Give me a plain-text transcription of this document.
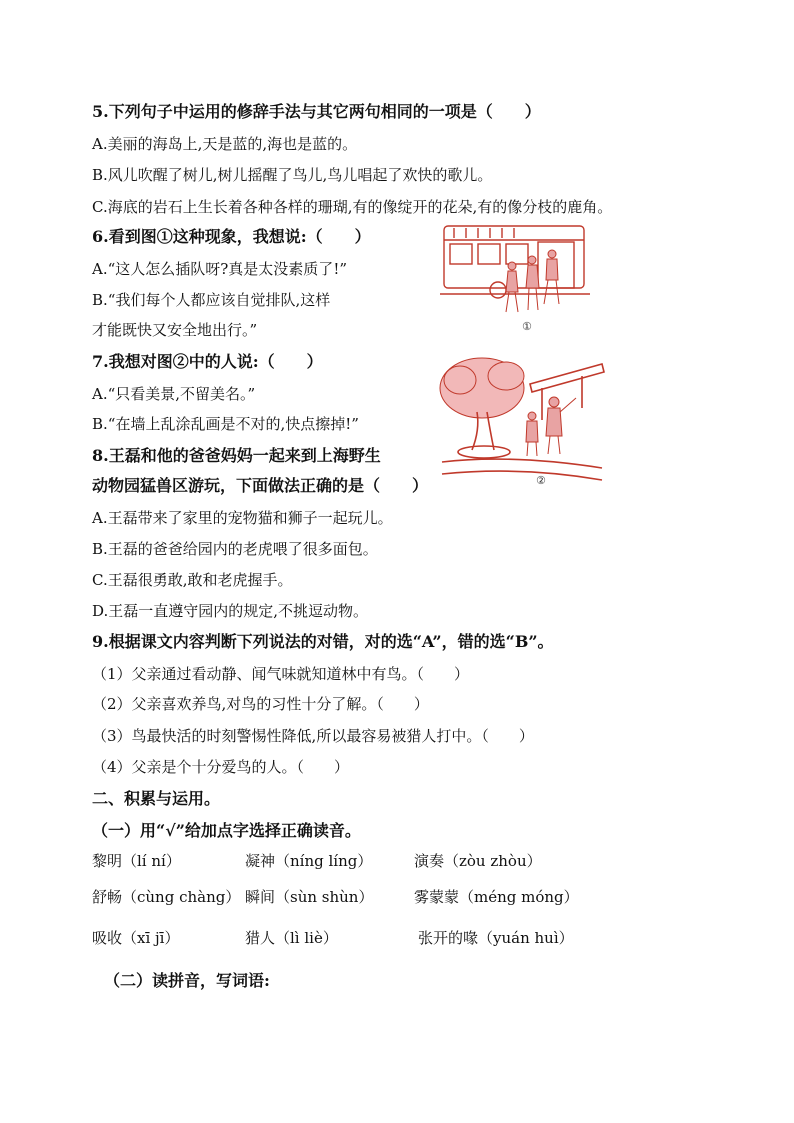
5.下列句子中运用的修辞手法与其它两句相同的一项是（　　）
A.美丽的海岛上,天是蓝的,海也是蓝的。
B.风儿吹醒了树儿,树儿摇醒了鸟儿,鸟儿唱起了欢快的歌儿。
C.海底的岩石上生长着各种各样的珊瑚,有的像绽开的花朵,有的像分枝的鹿角。
6.看到图①这种现象，我想说:（　　）
A.“这人怎么插队呀?真是太没素质了!”
B.“我们每个人都应该自觉排队,这样
才能既快又安全地出行。”	①
7.我想对图②中的人说:（　　）
A.“只看美景,不留美名。”
B.“在墙上乱涂乱画是不对的,快点擦掉!”
②
8.王磊和他的爸爸妈妈一起来到上海野生
动物园猛兽区游玩，下面做法正确的是（　　）
A.王磊带来了家里的宠物猫和狮子一起玩儿。
B.王磊的爸爸给园内的老虎喂了很多面包。
C.王磊很勇敢,敢和老虎握手。
D.王磊一直遵守园内的规定,不挑逗动物。
9.根据课文内容判断下列说法的对错，对的选“A”，错的选“B”。
（1）父亲通过看动静、闻气味就知道林中有鸟。（　　）
（2）父亲喜欢养鸟,对鸟的习性十分了解。（　　）
（3）鸟最快活的时刻警惕性降低,所以最容易被猎人打中。（　　）
（4）父亲是个十分爱鸟的人。（　　）
二、积累与运用。
（一）用“√”给加点字选择正确读音。
黎明（lí ní）	凝神（níng líng）	演奏（zòu zhòu）
舒畅（cùng chàng） 瞬间（sùn shùn）	雾蒙蒙（méng móng）
吸收（xī jī）	猎人（lì liè）	张开的喙（yuán huì）
（二）读拼音，写词语:
